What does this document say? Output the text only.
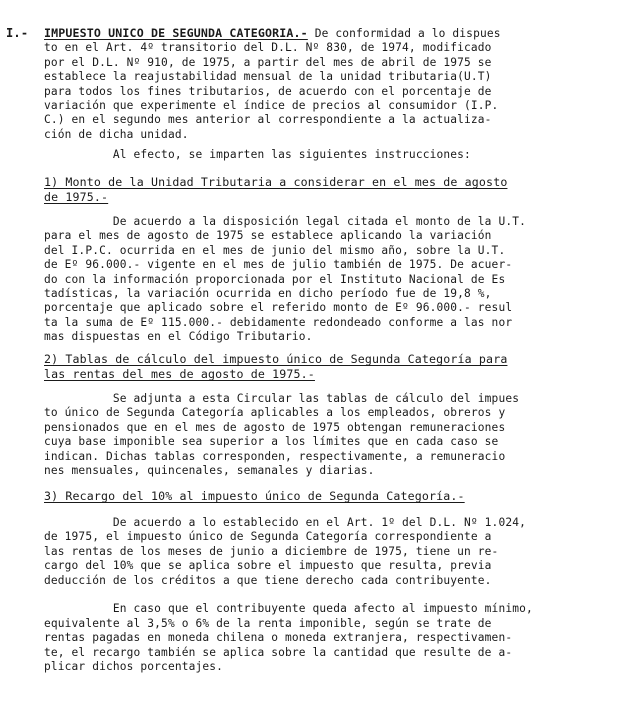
I.- IMPUESTO UNICO DE SEGUNDA CATEGORIA.- De conformidad a lo dispues
to en el Art. 4º transitorio del D.L. Nº 830, de 1974, modificado
por el D.L. Nº 910, de 1975, a partir del mes de abril de 1975 se
establece la reajustabilidad mensual de la unidad tributaria(U.T)
para todos los fines tributarios, de acuerdo con el porcentaje de
variación que experimente el índice de precios al consumidor (I.P.
C.) en el segundo mes anterior al correspondiente a la actualiza-
ción de dicha unidad.
Al efecto, se imparten las siguientes instrucciones:
1) Monto de la Unidad Tributaria a considerar en el mes de agosto
de 1975.-
De acuerdo a la disposición legal citada el monto de la U.T.
para el mes de agosto de 1975 se establece aplicando la variación
del I.P.C. ocurrida en el mes de junio del mismo año, sobre la U.T.
de Eº 96.000.- vigente en el mes de julio también de 1975. De acuer-
do con la información proporcionada por el Instituto Nacional de Es
tadísticas, la variación ocurrida en dicho período fue de 19,8 %,
porcentaje que aplicado sobre el referido monto de Eº 96.000.- resul
ta la suma de Eº 115.000.- debidamente redondeado conforme a las nor
mas dispuestas en el Código Tributario.
2) Tablas de cálculo del impuesto único de Segunda Categoría para
las rentas del mes de agosto de 1975.-
Se adjunta a esta Circular las tablas de cálculo del impues
to único de Segunda Categoría aplicables a los empleados, obreros y
pensionados que en el mes de agosto de 1975 obtengan remuneraciones
cuya base imponible sea superior a los límites que en cada caso se
indican. Dichas tablas corresponden, respectivamente, a remuneracio
nes mensuales, quincenales, semanales y diarias.
3) Recargo del 10% al impuesto único de Segunda Categoría.-
De acuerdo a lo establecido en el Art. 1º del D.L. Nº 1.024,
de 1975, el impuesto único de Segunda Categoría correspondiente a
las rentas de los meses de junio a diciembre de 1975, tiene un re-
cargo del 10% que se aplica sobre el impuesto que resulta, previa
deducción de los créditos a que tiene derecho cada contribuyente.

En caso que el contribuyente queda afecto al impuesto mínimo,
equivalente al 3,5% o 6% de la renta imponible, según se trate de
rentas pagadas en moneda chilena o moneda extranjera, respectivamen-
te, el recargo también se aplica sobre la cantidad que resulte de a-
plicar dichos porcentajes.
